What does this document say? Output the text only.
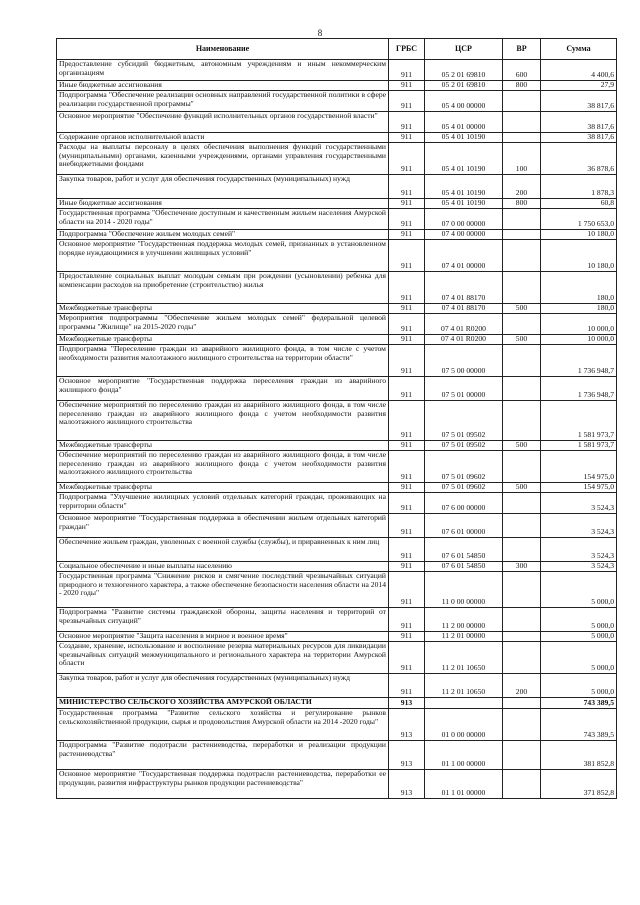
8
Наименование	ГРБС	ЦСР	ВР	Сумма
Предоставление субсидий бюджетным, автономным учреждениям и иным некоммерческим организациям	911	05 2 01 69810	600	4 400,6
Иные бюджетные ассигнования	911	05 2 01 69810	800	27,9
Подпрограмма "Обеспечение реализации основных направлений государственной политики в сфере реализации государственной программы"	911	05 4 00 00000		38 817,6
Основное мероприятие "Обеспечение функций исполнительных органов государственной власти"	911	05 4 01 00000		38 817,6
Содержание органов исполнительной власти	911	05 4 01 10190		38 817,6
Расходы на выплаты персоналу в целях обеспечения выполнения функций государственными (муниципальными) органами, казенными учреждениями, органами управления государственными внебюджетными фондами	911	05 4 01 10190	100	36 878,6
Закупка товаров, работ и услуг для обеспечения государственных (муниципальных) нужд	911	05 4 01 10190	200	1 878,3
Иные бюджетные ассигнования	911	05 4 01 10190	800	60,8
Государственная программа "Обеспечение доступным и качественным жильем населения Амурской области на 2014 - 2020 годы"	911	07 0 00 00000		1 750 653,0
Подпрограмма "Обеспечение жильем молодых семей"	911	07 4 00 00000		10 180,0
Основное мероприятие "Государственная поддержка молодых семей, признанных в установленном порядке нуждающимися в улучшении жилищных условий"	911	07 4 01 00000		10 180,0
Предоставление социальных выплат молодым семьям при рождении (усыновлении) ребенка для компенсации расходов на приобретение (строительство) жилья	911	07 4 01 88170		180,0
Межбюджетные трансферты	911	07 4 01 88170	500	180,0
Мероприятия подпрограммы "Обеспечение жильем молодых семей" федеральной целевой программы "Жилище" на 2015-2020 годы"	911	07 4 01 R0200		10 000,0
Межбюджетные трансферты	911	07 4 01 R0200	500	10 000,0
Подпрограмма "Переселение граждан из аварийного жилищного фонда, в том числе с учетом необходимости развития малоэтажного жилищного строительства на территории области"	911	07 5 00 00000		1 736 948,7
Основное мероприятие "Государственная поддержка переселения граждан из аварийного жилищного фонда"	911	07 5 01 00000		1 736 948,7
Обеспечение мероприятий по переселению граждан из аварийного жилищного фонда, в том числе переселению граждан из аварийного жилищного фонда с учетом необходимости развития малоэтажного жилищного строительства	911	07 5 01 09502		1 581 973,7
Межбюджетные трансферты	911	07 5 01 09502	500	1 581 973,7
Обеспечение мероприятий по переселению граждан из аварийного жилищного фонда, в том числе переселению граждан из аварийного жилищного фонда с учетом необходимости развития малоэтажного жилищного строительства	911	07 5 01 09602		154 975,0
Межбюджетные трансферты	911	07 5 01 09602	500	154 975,0
Подпрограмма "Улучшение жилищных условий отдельных категорий граждан, проживающих на территории области"	911	07 6 00 00000		3 524,3
Основное мероприятие "Государственная поддержка в обеспечении жильем отдельных категорий граждан"	911	07 6 01 00000		3 524,3
Обеспечение жильем граждан, уволенных с военной службы (службы), и приравненных к ним лиц	911	07 6 01 54850		3 524,3
Социальное обеспечение и иные выплаты населению	911	07 6 01 54850	300	3 524,3
Государственная программа "Снижение рисков и смягчение последствий чрезвычайных ситуаций природного и техногенного характера, а также обеспечение безопасности населения области на 2014 - 2020 годы"	911	11 0 00 00000		5 000,0
Подпрограмма "Развитие системы гражданской обороны, защиты населения и территорий от чрезвычайных ситуаций"	911	11 2 00 00000		5 000,0
Основное мероприятие "Защита населения в мирное и военное время"	911	11 2 01 00000		5 000,0
Создание, хранение, использование и восполнение резерва материальных ресурсов для ликвидации чрезвычайных ситуаций межмуниципального и регионального характера на территории Амурской области	911	11 2 01 10650		5 000,0
Закупка товаров, работ и услуг для обеспечения государственных (муниципальных) нужд	911	11 2 01 10650	200	5 000,0
МИНИСТЕРСТВО СЕЛЬСКОГО ХОЗЯЙСТВА АМУРСКОЙ ОБЛАСТИ	913			743 389,5
Государственная программа "Развитие сельского хозяйства и регулирование рынков сельскохозяйственной продукции, сырья и продовольствия Амурской области на 2014 -2020 годы"	913	01 0 00 00000		743 389,5
Подпрограмма "Развитие подотрасли растениеводства, переработки и реализации продукции растениеводства"	913	01 1 00 00000		381 852,8
Основное мероприятие "Государственная поддержка подотрасли растениеводства, переработки ее продукции, развития инфраструктуры рынков продукции растениеводства"	913	01 1 01 00000		371 852,8
